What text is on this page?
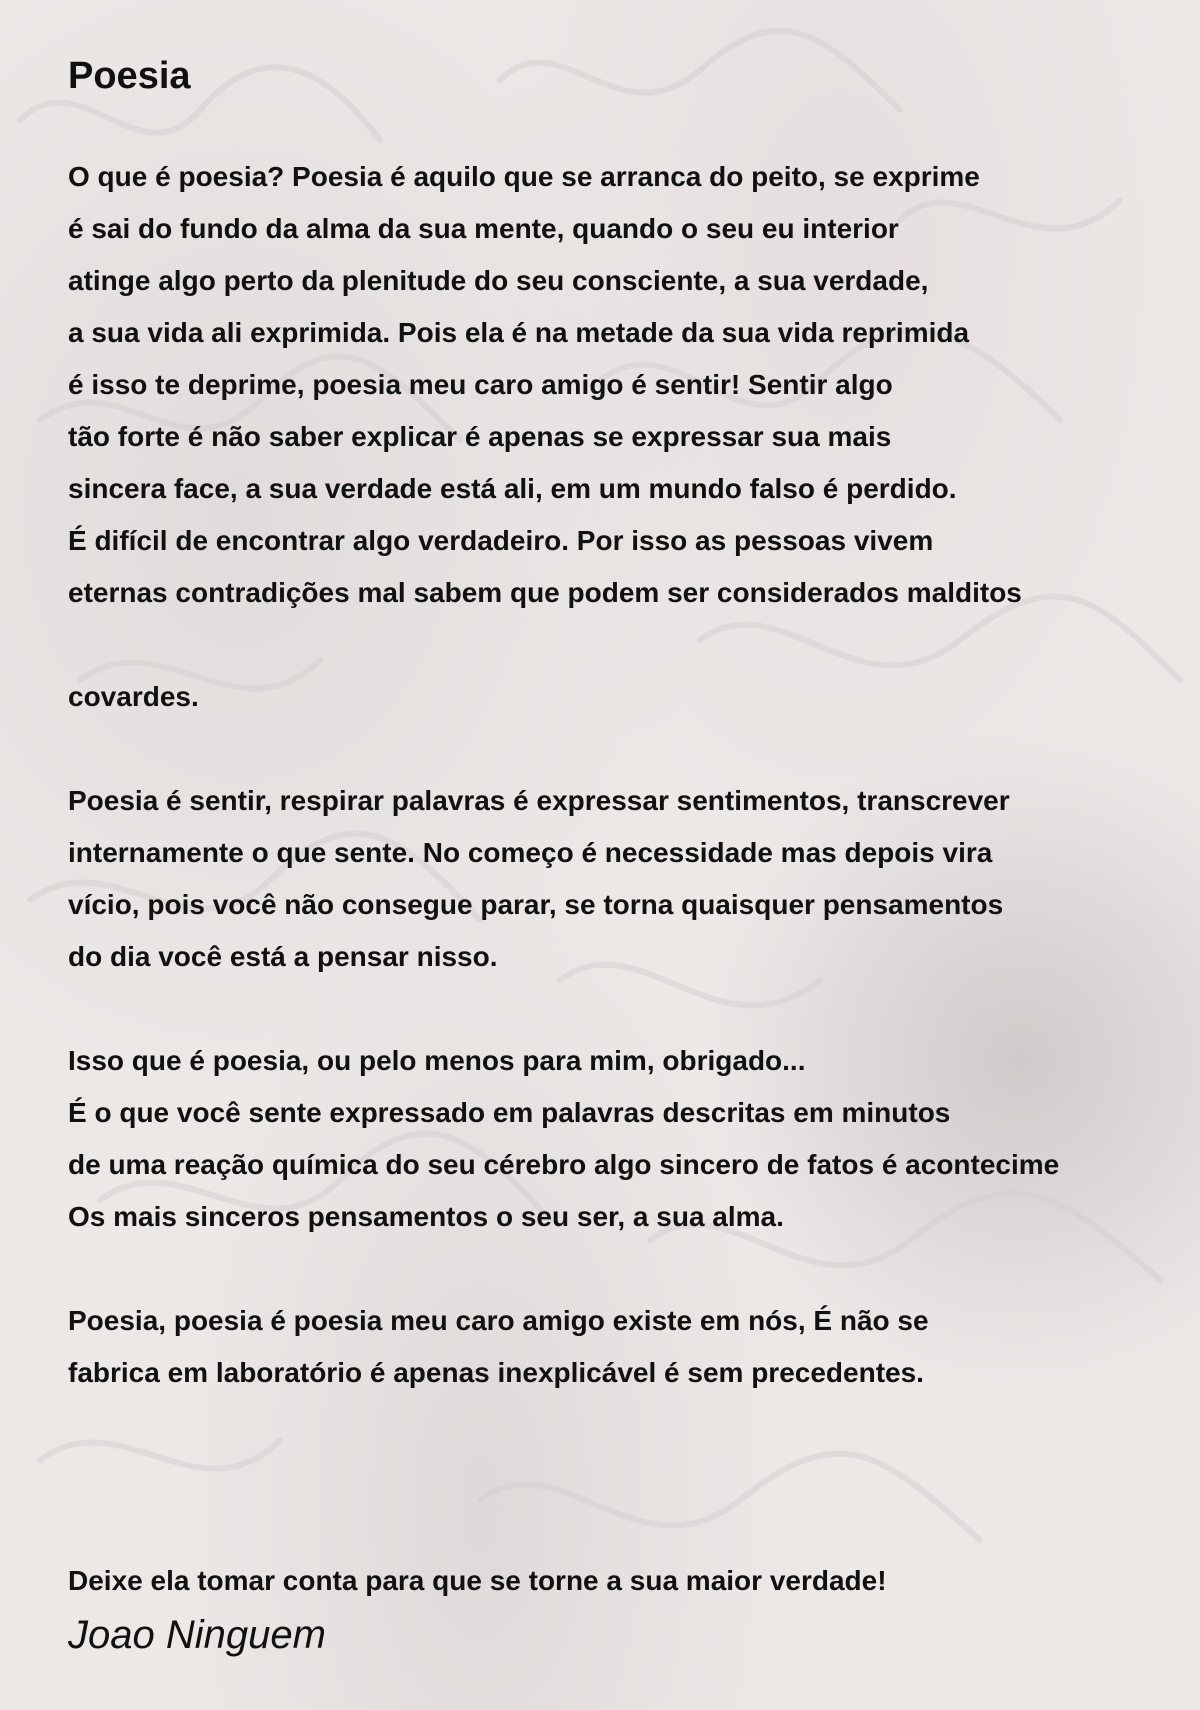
Poesia
O que é poesia? Poesia é aquilo que se arranca do peito, se exprime
é sai do fundo da alma da sua mente, quando o seu eu interior
atinge algo perto da plenitude do seu consciente, a sua verdade,
a sua vida ali exprimida. Pois ela é na metade da sua vida reprimida
é isso te deprime, poesia meu caro amigo é sentir! Sentir algo
tão forte é não saber explicar é apenas se expressar sua mais
sincera face, a sua verdade está ali, em um mundo falso é perdido.
É difícil de encontrar algo verdadeiro. Por isso as pessoas vivem
eternas contradições mal sabem que podem ser considerados malditos
covardes.
Poesia é sentir, respirar palavras é expressar sentimentos, transcrever
internamente o que sente. No começo é necessidade mas depois vira
vício, pois você não consegue parar, se torna quaisquer pensamentos
do dia você está a pensar nisso.
Isso que é poesia, ou pelo menos para mim, obrigado...
É o que você sente expressado em palavras descritas em minutos
de uma reação química do seu cérebro algo sincero de fatos é acontecime
Os mais sinceros pensamentos o seu ser, a sua alma.
Poesia, poesia é poesia meu caro amigo existe em nós, É não se
fabrica em laboratório é apenas inexplicável é sem precedentes.
Deixe ela tomar conta para que se torne a sua maior verdade!

Joao Ninguem
